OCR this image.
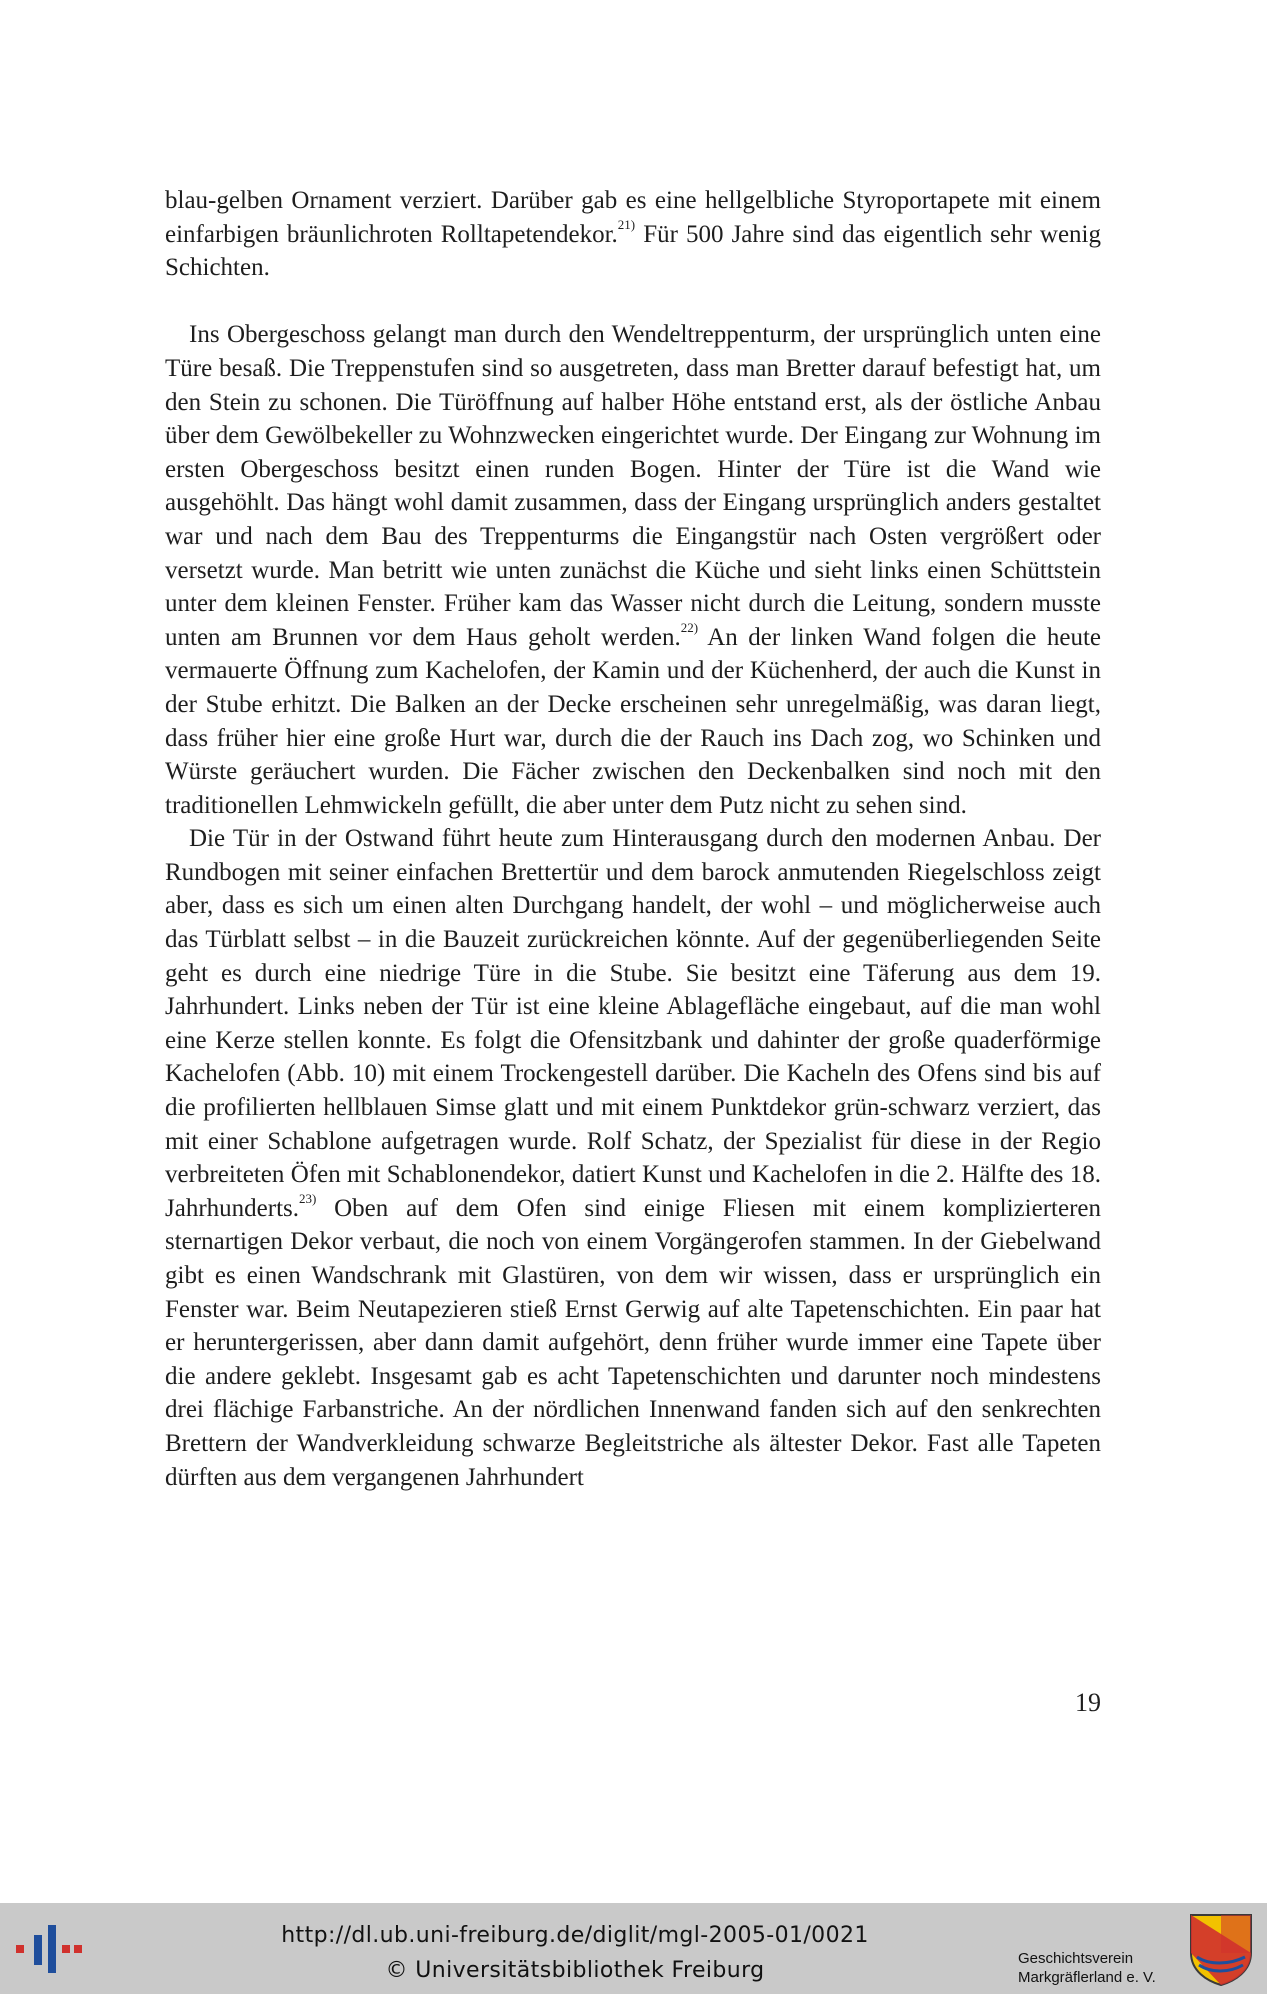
blau-gelben Ornament verziert. Darüber gab es eine hellgelbliche Styroportapete mit einem einfarbigen bräunlichroten Rolltapetendekor.$^{21)}$ Für 500 Jahre sind das eigentlich sehr wenig Schichten.

Ins Obergeschoss gelangt man durch den Wendeltreppenturm, der ursprünglich unten eine Türe besaß. Die Treppenstufen sind so ausgetreten, dass man Bretter darauf befestigt hat, um den Stein zu schonen. Die Türöffnung auf halber Höhe entstand erst, als der östliche Anbau über dem Gewölbekeller zu Wohnzwecken eingerichtet wurde. Der Eingang zur Wohnung im ersten Obergeschoss besitzt einen runden Bogen. Hinter der Türe ist die Wand wie ausgehöhlt. Das hängt wohl damit zusammen, dass der Eingang ursprünglich anders gestaltet war und nach dem Bau des Treppenturms die Eingangstür nach Osten vergrößert oder versetzt wurde. Man betritt wie unten zunächst die Küche und sieht links einen Schüttstein unter dem kleinen Fenster. Früher kam das Wasser nicht durch die Leitung, sondern musste unten am Brunnen vor dem Haus geholt werden.$^{22)}$ An der linken Wand folgen die heute vermauerte Öffnung zum Kachelofen, der Kamin und der Küchenherd, der auch die Kunst in der Stube erhitzt. Die Balken an der Decke erscheinen sehr unregelmäßig, was daran liegt, dass früher hier eine große Hurt war, durch die der Rauch ins Dach zog, wo Schinken und Würste geräuchert wurden. Die Fächer zwischen den Deckenbalken sind noch mit den traditionellen Lehmwickeln gefüllt, die aber unter dem Putz nicht zu sehen sind.

Die Tür in der Ostwand führt heute zum Hinterausgang durch den modernen Anbau. Der Rundbogen mit seiner einfachen Brettertür und dem barock anmutenden Riegelschloss zeigt aber, dass es sich um einen alten Durchgang handelt, der wohl – und möglicherweise auch das Türblatt selbst – in die Bauzeit zurückreichen könnte. Auf der gegenüberliegenden Seite geht es durch eine niedrige Türe in die Stube. Sie besitzt eine Täferung aus dem 19. Jahrhundert. Links neben der Tür ist eine kleine Ablagefläche eingebaut, auf die man wohl eine Kerze stellen konnte. Es folgt die Ofensitzbank und dahinter der große quaderförmige Kachelofen (Abb. 10) mit einem Trockengestell darüber. Die Kacheln des Ofens sind bis auf die profilierten hellblauen Simse glatt und mit einem Punktdekor grün-schwarz verziert, das mit einer Schablone aufgetragen wurde. Rolf Schatz, der Spezialist für diese in der Regio verbreiteten Öfen mit Schablonendekor, datiert Kunst und Kachelofen in die 2. Hälfte des 18. Jahrhunderts.$^{23)}$ Oben auf dem Ofen sind einige Fliesen mit einem komplizierteren sternartigen Dekor verbaut, die noch von einem Vorgängerofen stammen. In der Giebelwand gibt es einen Wandschrank mit Glastüren, von dem wir wissen, dass er ursprünglich ein Fenster war. Beim Neutapezieren stieß Ernst Gerwig auf alte Tapetenschichten. Ein paar hat er heruntergerissen, aber dann damit aufgehört, denn früher wurde immer eine Tapete über die andere geklebt. Insgesamt gab es acht Tapetenschichten und darunter noch mindestens drei flächige Farbanstriche. An der nördlichen Innenwand fanden sich auf den senkrechten Brettern der Wandverkleidung schwarze Begleitstriche als ältester Dekor. Fast alle Tapeten dürften aus dem vergangenen Jahrhundert

19
http://dl.ub.uni-freiburg.de/diglit/mgl-2005-01/0021
© Universitätsbibliothek Freiburg	Geschichtsverein
Markgräflerland e. V.
